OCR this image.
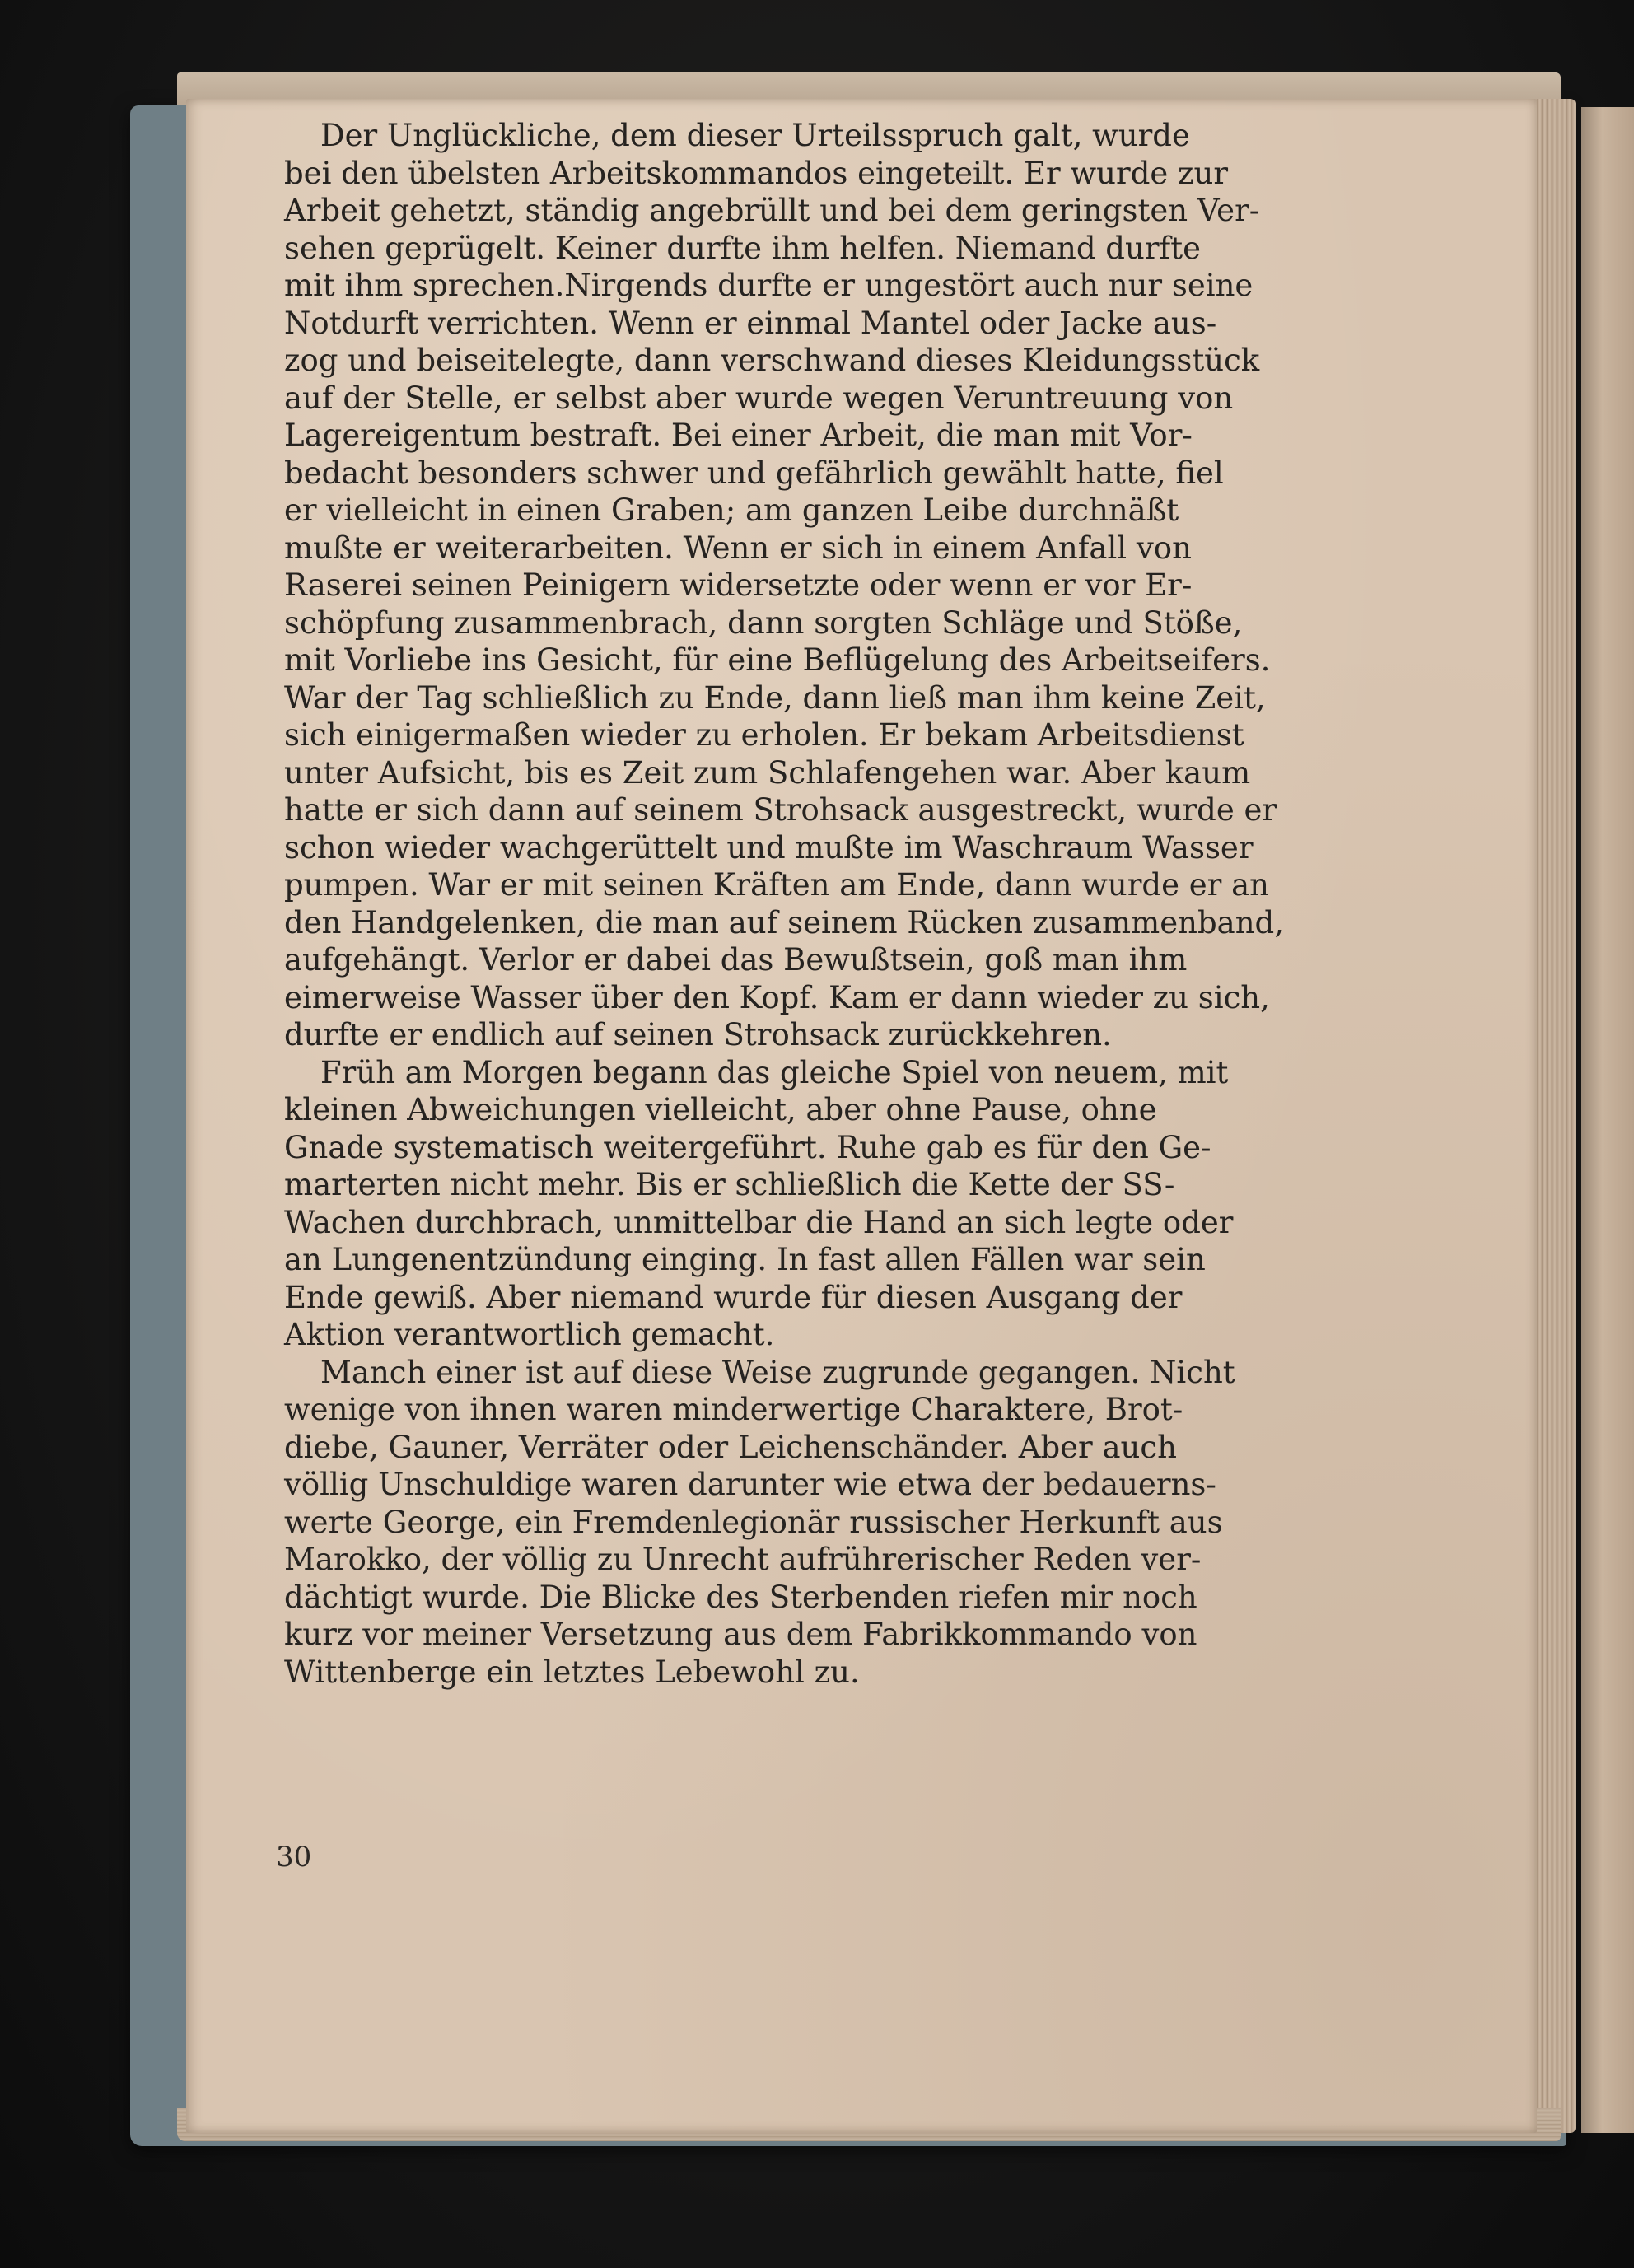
Der Unglückliche, dem dieser Urteilsspruch galt, wurde
bei den übelsten Arbeitskommandos eingeteilt. Er wurde zur
Arbeit gehetzt, ständig angebrüllt und bei dem geringsten Ver-
sehen geprügelt. Keiner durfte ihm helfen. Niemand durfte
mit ihm sprechen.Nirgends durfte er ungestört auch nur seine
Notdurft verrichten. Wenn er einmal Mantel oder Jacke aus-
zog und beiseitelegte, dann verschwand dieses Kleidungsstück
auf der Stelle, er selbst aber wurde wegen Veruntreuung von
Lagereigentum bestraft. Bei einer Arbeit, die man mit Vor-
bedacht besonders schwer und gefährlich gewählt hatte, fiel
er vielleicht in einen Graben; am ganzen Leibe durchnäßt
mußte er weiterarbeiten. Wenn er sich in einem Anfall von
Raserei seinen Peinigern widersetzte oder wenn er vor Er-
schöpfung zusammenbrach, dann sorgten Schläge und Stöße,
mit Vorliebe ins Gesicht, für eine Beflügelung des Arbeitseifers.
War der Tag schließlich zu Ende, dann ließ man ihm keine Zeit,
sich einigermaßen wieder zu erholen. Er bekam Arbeitsdienst
unter Aufsicht, bis es Zeit zum Schlafengehen war. Aber kaum
hatte er sich dann auf seinem Strohsack ausgestreckt, wurde er
schon wieder wachgerüttelt und mußte im Waschraum Wasser
pumpen. War er mit seinen Kräften am Ende, dann wurde er an
den Handgelenken, die man auf seinem Rücken zusammenband,
aufgehängt. Verlor er dabei das Bewußtsein, goß man ihm
eimerweise Wasser über den Kopf. Kam er dann wieder zu sich,
durfte er endlich auf seinen Strohsack zurückkehren.

Früh am Morgen begann das gleiche Spiel von neuem, mit
kleinen Abweichungen vielleicht, aber ohne Pause, ohne
Gnade systematisch weitergeführt. Ruhe gab es für den Ge-
marterten nicht mehr. Bis er schließlich die Kette der SS-
Wachen durchbrach, unmittelbar die Hand an sich legte oder
an Lungenentzündung einging. In fast allen Fällen war sein
Ende gewiß. Aber niemand wurde für diesen Ausgang der
Aktion verantwortlich gemacht.

Manch einer ist auf diese Weise zugrunde gegangen. Nicht
wenige von ihnen waren minderwertige Charaktere, Brot-
diebe, Gauner, Verräter oder Leichenschänder. Aber auch
völlig Unschuldige waren darunter wie etwa der bedauerns-
werte George, ein Fremdenlegionär russischer Herkunft aus
Marokko, der völlig zu Unrecht aufrührerischer Reden ver-
dächtigt wurde. Die Blicke des Sterbenden riefen mir noch
kurz vor meiner Versetzung aus dem Fabrikkommando von
Wittenberge ein letztes Lebewohl zu.

30
